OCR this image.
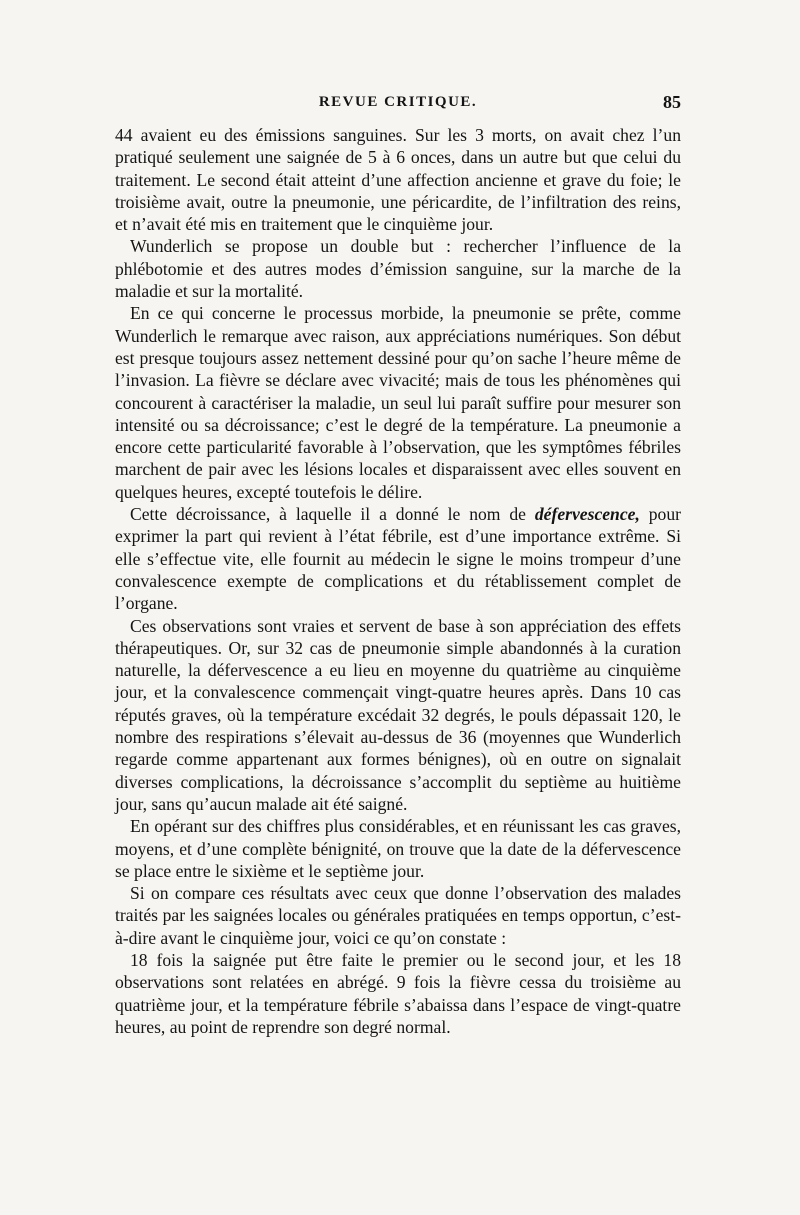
REVUE CRITIQUE.	85

44 avaient eu des émissions sanguines. Sur les 3 morts, on avait chez l’un pratiqué seulement une saignée de 5 à 6 onces, dans un autre but que celui du traitement. Le second était atteint d’une affection ancienne et grave du foie; le troisième avait, outre la pneumonie, une péricardite, de l’infiltration des reins, et n’avait été mis en traitement que le cinquième jour.

Wunderlich se propose un double but : rechercher l’influence de la phlébotomie et des autres modes d’émission sanguine, sur la marche de la maladie et sur la mortalité.

En ce qui concerne le processus morbide, la pneumonie se prête, comme Wunderlich le remarque avec raison, aux appréciations numériques. Son début est presque toujours assez nettement dessiné pour qu’on sache l’heure même de l’invasion. La fièvre se déclare avec vivacité; mais de tous les phénomènes qui concourent à caractériser la maladie, un seul lui paraît suffire pour mesurer son intensité ou sa décroissance; c’est le degré de la température. La pneumonie a encore cette particularité favorable à l’observation, que les symptômes fébriles marchent de pair avec les lésions locales et disparaissent avec elles souvent en quelques heures, excepté toutefois le délire.

Cette décroissance, à laquelle il a donné le nom de défervescence, pour exprimer la part qui revient à l’état fébrile, est d’une importance extrême. Si elle s’effectue vite, elle fournit au médecin le signe le moins trompeur d’une convalescence exempte de complications et du rétablissement complet de l’organe.

Ces observations sont vraies et servent de base à son appréciation des effets thérapeutiques. Or, sur 32 cas de pneumonie simple abandonnés à la curation naturelle, la défervescence a eu lieu en moyenne du quatrième au cinquième jour, et la convalescence commençait vingt-quatre heures après. Dans 10 cas réputés graves, où la température excédait 32 degrés, le pouls dépassait 120, le nombre des respirations s’élevait au-dessus de 36 (moyennes que Wunderlich regarde comme appartenant aux formes bénignes), où en outre on signalait diverses complications, la décroissance s’accomplit du septième au huitième jour, sans qu’aucun malade ait été saigné.

En opérant sur des chiffres plus considérables, et en réunissant les cas graves, moyens, et d’une complète bénignité, on trouve que la date de la défervescence se place entre le sixième et le septième jour.

Si on compare ces résultats avec ceux que donne l’observation des malades traités par les saignées locales ou générales pratiquées en temps opportun, c’est-à-dire avant le cinquième jour, voici ce qu’on constate :

18 fois la saignée put être faite le premier ou le second jour, et les 18 observations sont relatées en abrégé. 9 fois la fièvre cessa du troisième au quatrième jour, et la température fébrile s’abaissa dans l’espace de vingt-quatre heures, au point de reprendre son degré normal.
